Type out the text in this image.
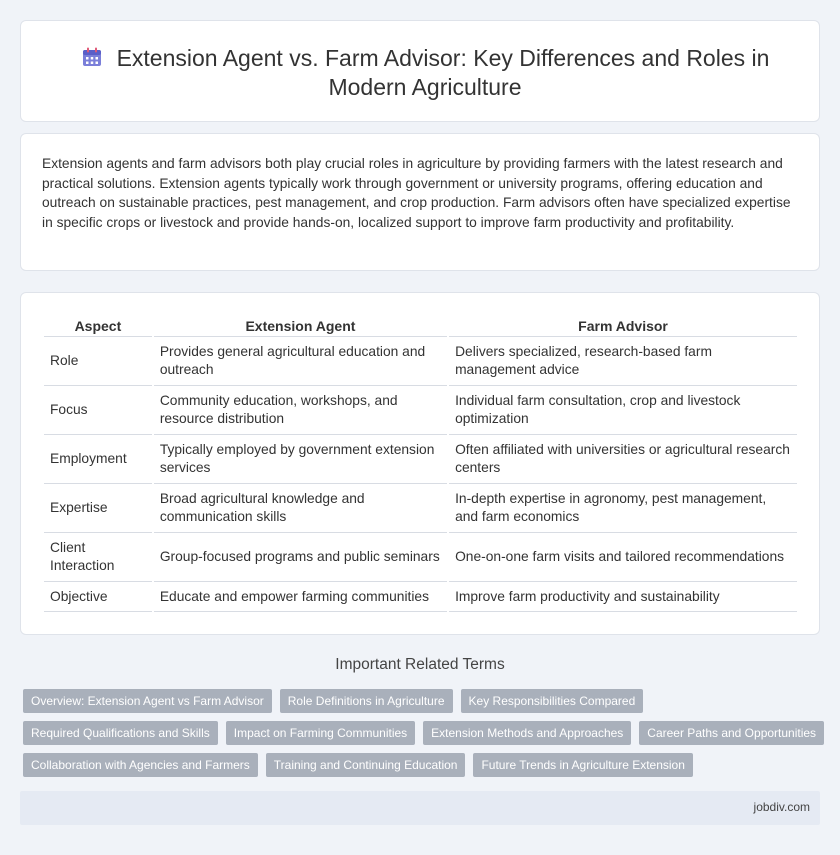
Extension Agent vs. Farm Advisor: Key Differences and Roles in Modern Agriculture

Extension agents and farm advisors both play crucial roles in agriculture by providing farmers with the latest research and practical solutions. Extension agents typically work through government or university programs, offering education and outreach on sustainable practices, pest management, and crop production. Farm advisors often have specialized expertise in specific crops or livestock and provide hands-on, localized support to improve farm productivity and profitability.

Aspect	Extension Agent	Farm Advisor
Role	Provides general agricultural education and outreach	Delivers specialized, research-based farm management advice
Focus	Community education, workshops, and resource distribution	Individual farm consultation, crop and livestock optimization
Employment	Typically employed by government extension services	Often affiliated with universities or agricultural research centers
Expertise	Broad agricultural knowledge and communication skills	In-depth expertise in agronomy, pest management, and farm economics
Client Interaction	Group-focused programs and public seminars	One-on-one farm visits and tailored recommendations
Objective	Educate and empower farming communities	Improve farm productivity and sustainability
Important Related Terms
Overview: Extension Agent vs Farm Advisor	Role Definitions in Agriculture	Key Responsibilities Compared
Required Qualifications and Skills	Impact on Farming Communities	Extension Methods and Approaches	Career Paths and Opportunities
Collaboration with Agencies and Farmers	Training and Continuing Education	Future Trends in Agriculture Extension
jobdiv.com
